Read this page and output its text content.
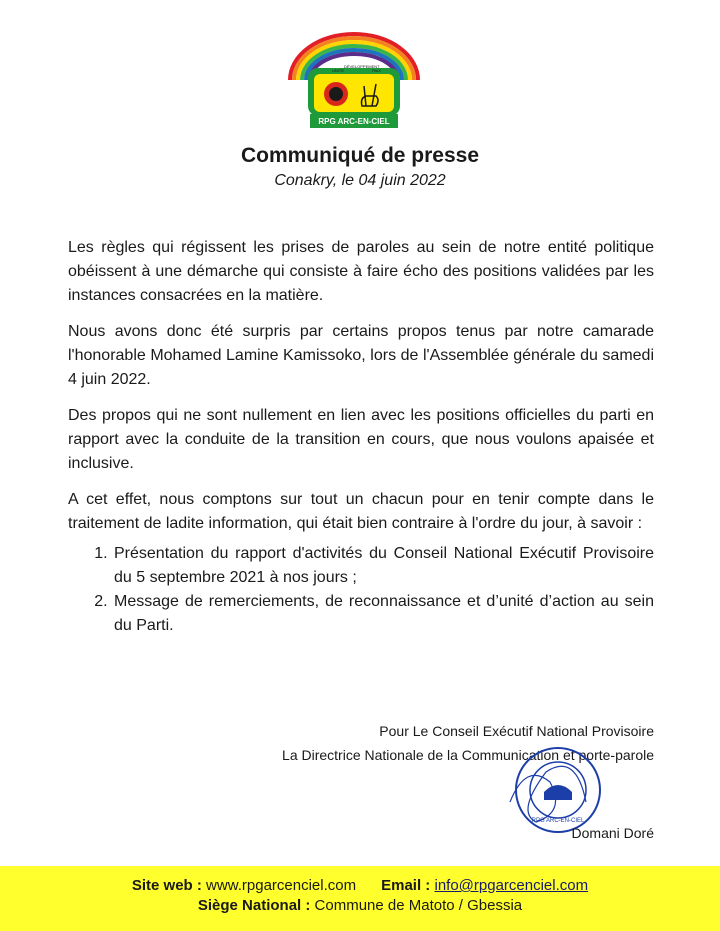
UNITÉ
DÉVELOPPEMENT
PAIX
RPG ARC-EN-CIEL
Communiqué de presse
Conakry, le 04 juin 2022

Les règles qui régissent les prises de paroles au sein de notre entité politique obéissent à une démarche qui consiste à faire écho des positions validées par les instances consacrées en la matière.

Nous avons donc été surpris par certains propos tenus par notre camarade l'honorable Mohamed Lamine Kamissoko, lors de l'Assemblée générale du samedi 4 juin 2022.

Des propos qui ne sont nullement en lien avec les positions officielles du parti en rapport avec la conduite de la transition en cours, que nous voulons apaisée et inclusive.

A cet effet, nous comptons sur tout un chacun pour en tenir compte dans le traitement de ladite information, qui était bien contraire à l'ordre du jour, à savoir :

1. Présentation du rapport d'activités du Conseil National Exécutif Provisoire du 5 septembre 2021 à nos jours ;
2. Message de remerciements, de reconnaissance et d’unité d’action au sein du Parti.
Pour Le Conseil Exécutif National Provisoire
La Directrice Nationale de la Communication et porte-parole
RPG ARC-EN-CIEL
Domani Doré
Site web : www.rpgarcenciel.com Email : info@rpgarcenciel.com
Siège National : Commune de Matoto / Gbessia
